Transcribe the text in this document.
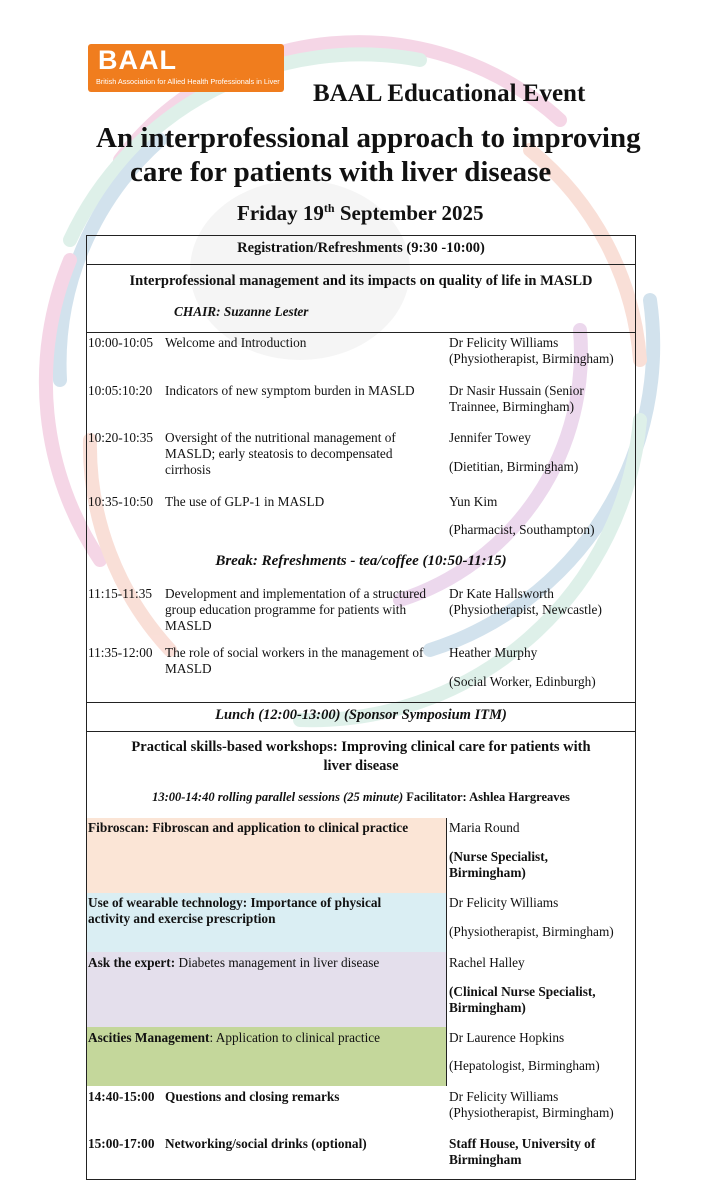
BAAL
British Association for Allied Health Professionals in Liver BAAL Educational Event
An interprofessional approach to improving
care for patients with liver disease
Friday 19th September 2025
Registration/Refreshments (9:30 -10:00)
Interprofessional management and its impacts on quality of life in MASLD
CHAIR: Suzanne Lester
10:00-10:05 Welcome and Introduction	Dr Felicity Williams
(Physiotherapist, Birmingham)
10:05:10:20 Indicators of new symptom burden in MASLD	Dr Nasir Hussain (Senior
Trainnee, Birmingham)
10:20-10:35 Oversight of the nutritional management of MASLD; early steatosis to decompensated cirrhosis
Jennifer Towey
(Dietitian, Birmingham)
10:35-10:50 The use of GLP-1 in MASLD	Yun Kim
(Pharmacist, Southampton)
Break: Refreshments - tea/coffee (10:50-11:15)
11:15-11:35 Development and implementation of a structured group education programme for patients with MASLD
Dr Kate Hallsworth
(Physiotherapist, Newcastle)
11:35-12:00 The role of social workers in the management of MASLD
Heather Murphy
(Social Worker, Edinburgh)
Lunch (12:00-13:00) (Sponsor Symposium ITM)
Practical skills-based workshops: Improving clinical care for patients with
liver disease
13:00-14:40 rolling parallel sessions (25 minute) Facilitator: Ashlea Hargreaves
Fibroscan: Fibroscan and application to clinical practice	Maria Round
(Nurse Specialist, Birmingham)
Use of wearable technology: Importance of physical activity and exercise prescription
Dr Felicity Williams
(Physiotherapist, Birmingham)
Ask the expert: Diabetes management in liver disease	Rachel Halley
(Clinical Nurse Specialist, Birmingham)
Ascities Management: Application to clinical practice	Dr Laurence Hopkins
(Hepatologist, Birmingham)
14:40-15:00 Questions and closing remarks	Dr Felicity Williams
(Physiotherapist, Birmingham)
15:00-17:00 Networking/social drinks (optional)	Staff House, University of Birmingham
